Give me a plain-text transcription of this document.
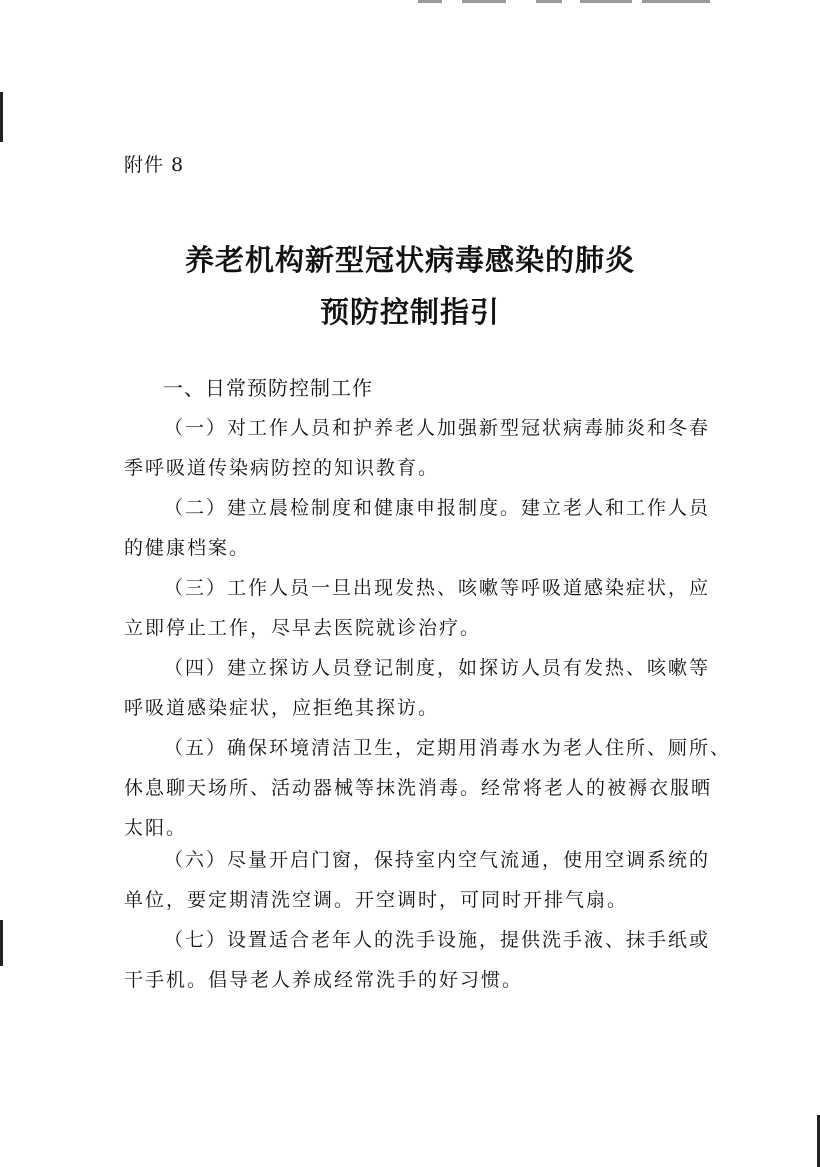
附件 8
养老机构新型冠状病毒感染的肺炎
预防控制指引
一、日常预防控制工作

（一）对工作人员和护养老人加强新型冠状病毒肺炎和冬春
季呼吸道传染病防控的知识教育。

（二）建立晨检制度和健康申报制度。建立老人和工作人员
的健康档案。

（三）工作人员一旦出现发热、咳嗽等呼吸道感染症状，应
立即停止工作，尽早去医院就诊治疗。

（四）建立探访人员登记制度，如探访人员有发热、咳嗽等
呼吸道感染症状，应拒绝其探访。

（五）确保环境清洁卫生，定期用消毒水为老人住所、厕所、
休息聊天场所、活动器械等抹洗消毒。经常将老人的被褥衣服晒
太阳。

（六）尽量开启门窗，保持室内空气流通，使用空调系统的
单位，要定期清洗空调。开空调时，可同时开排气扇。

（七）设置适合老年人的洗手设施，提供洗手液、抹手纸或
干手机。倡导老人养成经常洗手的好习惯。
